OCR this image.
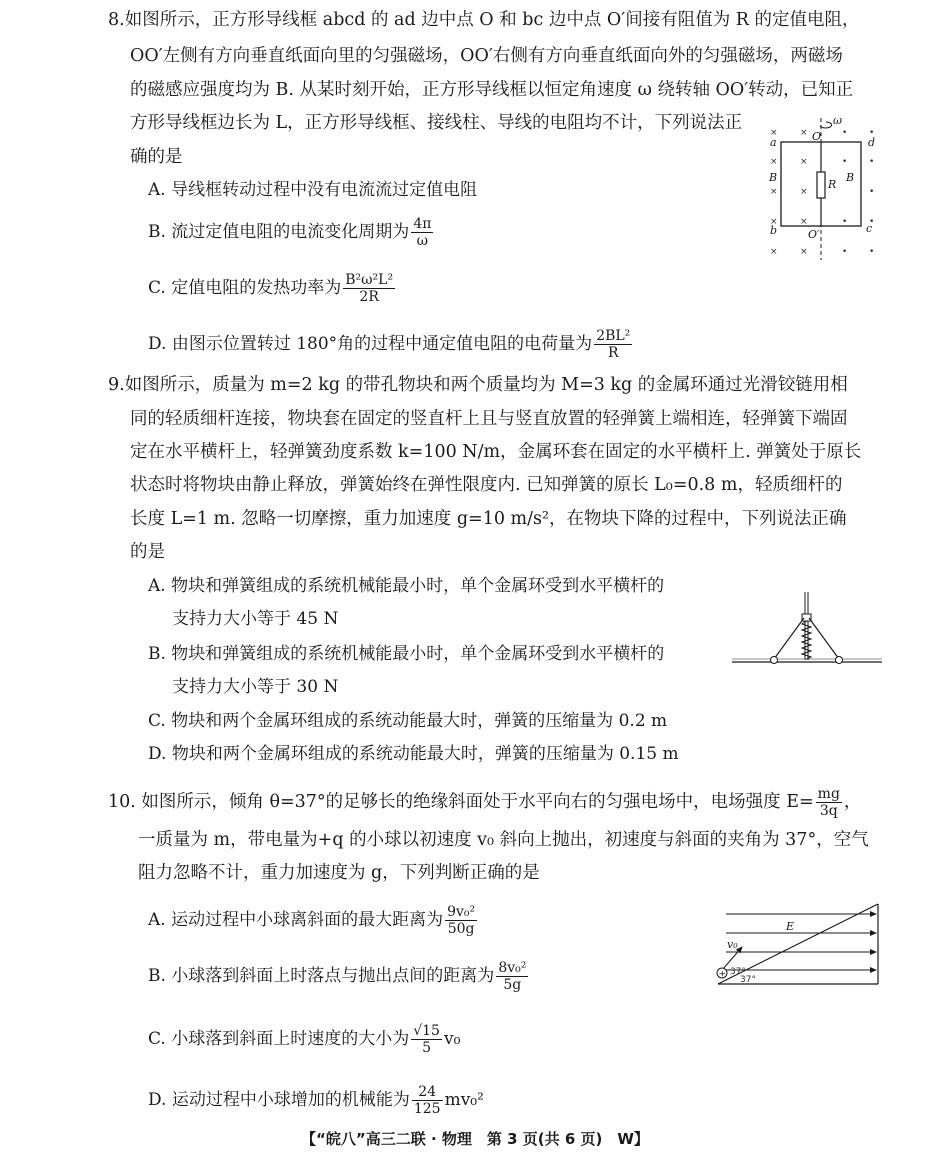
8.如图所示，正方形导线框 abcd 的 ad 边中点 O 和 bc 边中点 O′间接有阻值为 R 的定值电阻，
OO′左侧有方向垂直纸面向里的匀强磁场，OO′右侧有方向垂直纸面向外的匀强磁场，两磁场
的磁感应强度均为 B. 从某时刻开始，正方形导线框以恒定角速度 ω 绕转轴 OO′转动，已知正
方形导线框边长为 L，正方形导线框、接线柱、导线的电阻均不计，下列说法正
确的是
A. 导线框转动过程中没有电流流过定值电阻
B. 流过定值电阻的电流变化周期为 $\frac{4\pi}{\omega}$
C. 定值电阻的发热功率为 $\frac{\text{B²ω²L²}}{2R}$
D. 由图示位置转过 180°角的过程中通定值电阻的电荷量为 $\frac{\text{2BL²}}{R}$
× ×
× ×
× ×
× ×
× ×
• •
• •
•
• •
• •
ω
O
O′
a	d
b	c
B	B
R
9.如图所示，质量为 m=2 kg 的带孔物块和两个质量均为 M=3 kg 的金属环通过光滑铰链用相
同的轻质细杆连接，物块套在固定的竖直杆上且与竖直放置的轻弹簧上端相连，轻弹簧下端固
定在水平横杆上，轻弹簧劲度系数 k=100 N/m，金属环套在固定的水平横杆上. 弹簧处于原长
状态时将物块由静止释放，弹簧始终在弹性限度内. 已知弹簧的原长 L₀=0.8 m，轻质细杆的
长度 L=1 m. 忽略一切摩擦，重力加速度 g=10 m/s²，在物块下降的过程中，下列说法正确
的是
A. 物块和弹簧组成的系统机械能最小时，单个金属环受到水平横杆的
支持力大小等于 45 N
B. 物块和弹簧组成的系统机械能最小时，单个金属环受到水平横杆的
支持力大小等于 30 N
C. 物块和两个金属环组成的系统动能最大时，弹簧的压缩量为 0.2 m
D. 物块和两个金属环组成的系统动能最大时，弹簧的压缩量为 0.15 m
10. 如图所示，倾角 θ=37°的足够长的绝缘斜面处于水平向右的匀强电场中，电场强度 $E= \frac{mg}{3q}$ ，
一质量为 m，带电量为+q 的小球以初速度 v₀ 斜向上抛出，初速度与斜面的夹角为 37°，空气
阻力忽略不计，重力加速度为 g，下列判断正确的是
A. 运动过程中小球离斜面的最大距离为 $\frac{\text{9v₀²}}{50g}$
B. 小球落到斜面上时落点与抛出点间的距离为 $\frac{\text{8v₀²}}{5g}$
C. 小球落到斜面上时速度的大小为 $\frac{√15}{5} v_0$
D. 运动过程中小球增加的机械能为 $\frac{24}{125} mv_0^2$
+
E
v₀
37°
37°
【“皖八”高三二联 · 物理　第 3 页(共 6 页)　W】
